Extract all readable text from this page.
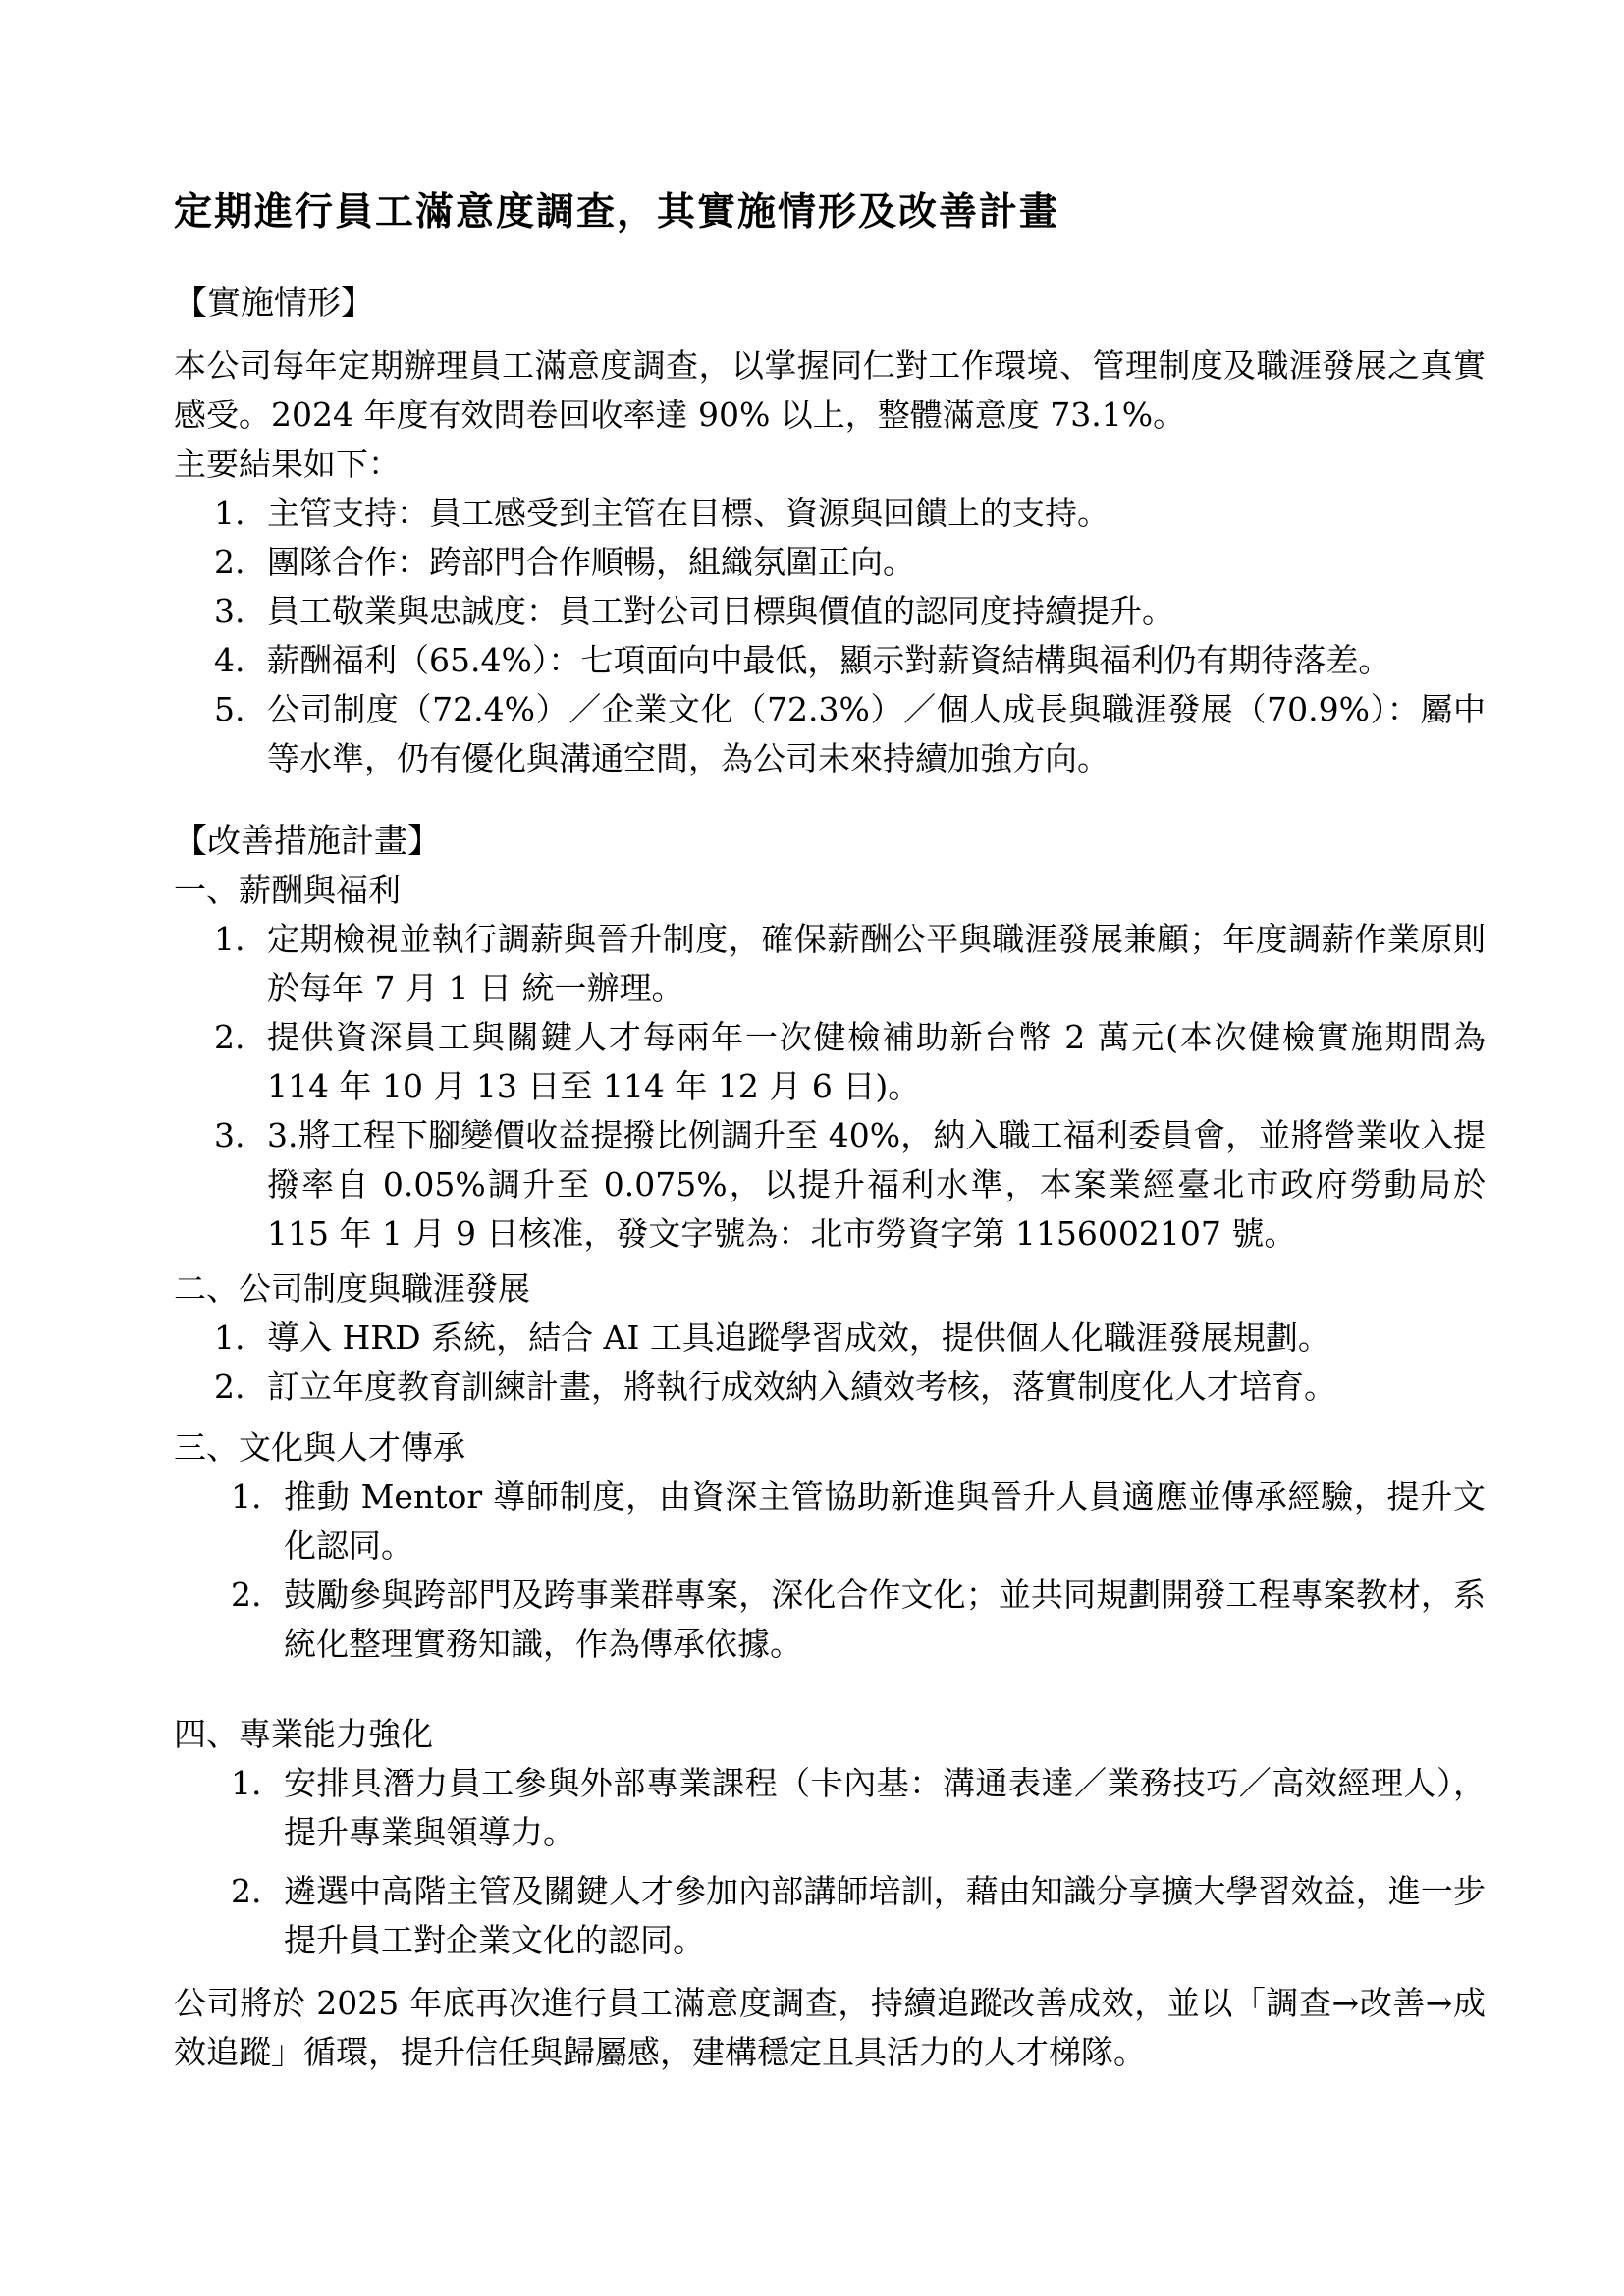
定期進行員工滿意度調查，其實施情形及改善計畫

【實施情形】

本公司每年定期辦理員工滿意度調查，以掌握同仁對工作環境、管理制度及職涯發展之真實感受。2024 年度有效問卷回收率達 90% 以上，整體滿意度 73.1%。

主要結果如下：

1. 主管支持：員工感受到主管在目標、資源與回饋上的支持。
2. 團隊合作：跨部門合作順暢，組織氛圍正向。
3. 員工敬業與忠誠度：員工對公司目標與價值的認同度持續提升。
4. 薪酬福利（65.4%）：七項面向中最低，顯示對薪資結構與福利仍有期待落差。
5. 公司制度（72.4%）／企業文化（72.3%）／個人成長與職涯發展（70.9%）：屬中等水準，仍有優化與溝通空間，為公司未來持續加強方向。

【改善措施計畫】

一、薪酬與福利
1. 定期檢視並執行調薪與晉升制度，確保薪酬公平與職涯發展兼顧；年度調薪作業原則於每年 7 月 1 日 統一辦理。
2. 提供資深員工與關鍵人才每兩年一次健檢補助新台幣 2 萬元(本次健檢實施期間為 114 年 10 月 13 日至 114 年 12 月 6 日)。
3. 3.將工程下腳變價收益提撥比例調升至 40%，納入職工福利委員會，並將營業收入提撥率自 0.05%調升至 0.075%，以提升福利水準，本案業經臺北市政府勞動局於 115 年 1 月 9 日核准，發文字號為：北市勞資字第 1156002107 號。
二、公司制度與職涯發展
1. 導入 HRD 系統，結合 AI 工具追蹤學習成效，提供個人化職涯發展規劃。
2. 訂立年度教育訓練計畫，將執行成效納入績效考核，落實制度化人才培育。
三、文化與人才傳承
1. 推動 Mentor 導師制度，由資深主管協助新進與晉升人員適應並傳承經驗，提升文化認同。
2. 鼓勵參與跨部門及跨事業群專案，深化合作文化；並共同規劃開發工程專案教材，系統化整理實務知識，作為傳承依據。
四、專業能力強化
1. 安排具潛力員工參與外部專業課程（卡內基：溝通表達／業務技巧／高效經理人），提升專業與領導力。
2. 遴選中高階主管及關鍵人才參加內部講師培訓，藉由知識分享擴大學習效益，進一步提升員工對企業文化的認同。

公司將於 2025 年底再次進行員工滿意度調查，持續追蹤改善成效，並以「調查→改善→成效追蹤」循環，提升信任與歸屬感，建構穩定且具活力的人才梯隊。
